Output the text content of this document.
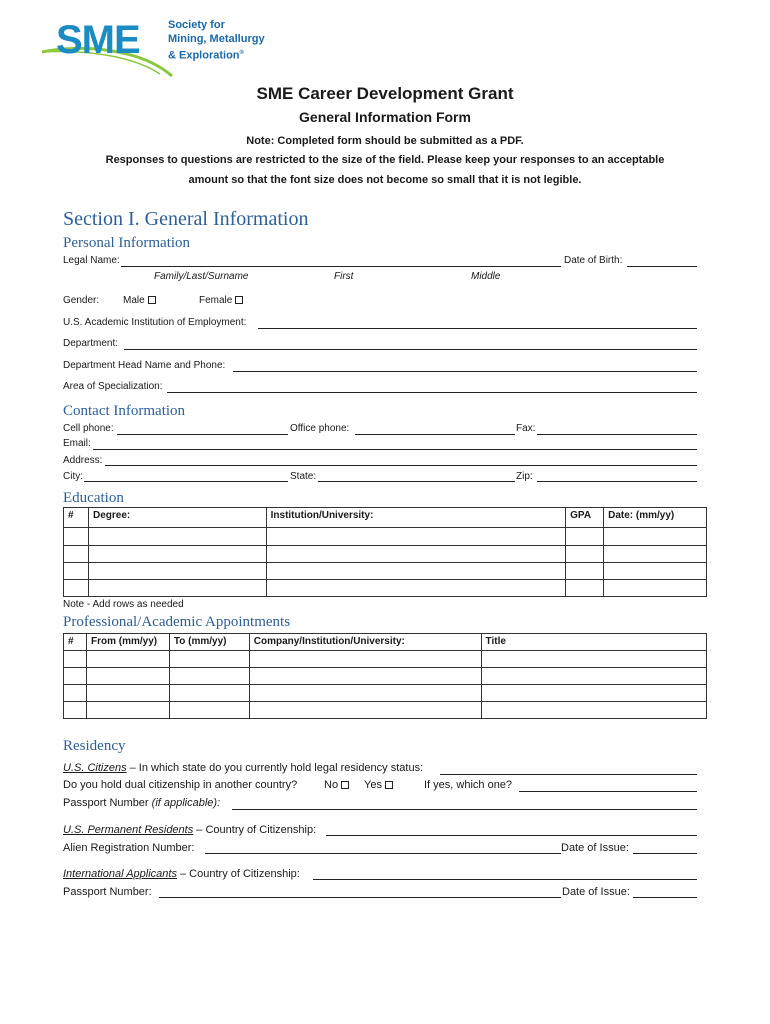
SME	Society for
Mining, Metallurgy
& Exploration®
SME Career Development Grant
General Information Form
Note: Completed form should be submitted as a PDF.
Responses to questions are restricted to the size of the field. Please keep your responses to an acceptable
amount so that the font size does not become so small that it is not legible.
Section I. General Information
Personal Information
Legal Name:	Date of Birth:
Family/Last/Surname	First	Middle
Gender: Male	Female
U.S. Academic Institution of Employment:
Department:
Department Head Name and Phone:
Area of Specialization:
Contact Information
Cell phone:	Office phone:	Fax:
Email:
Address:
City:	State:	Zip:
Education
#	Degree:	Institution/University:	GPA	Date: (mm/yy)

Note - Add rows as needed
Professional/Academic Appointments
#	From (mm/yy)	To (mm/yy)	Company/Institution/University:	Title

Residency
U.S. Citizens – In which state do you currently hold legal residency status:
Do you hold dual citizenship in another country? No	Yes	If yes, which one?
Passport Number (if applicable):
U.S. Permanent Residents – Country of Citizenship:
Alien Registration Number:	Date of Issue:
International Applicants – Country of Citizenship:
Passport Number:	Date of Issue:
